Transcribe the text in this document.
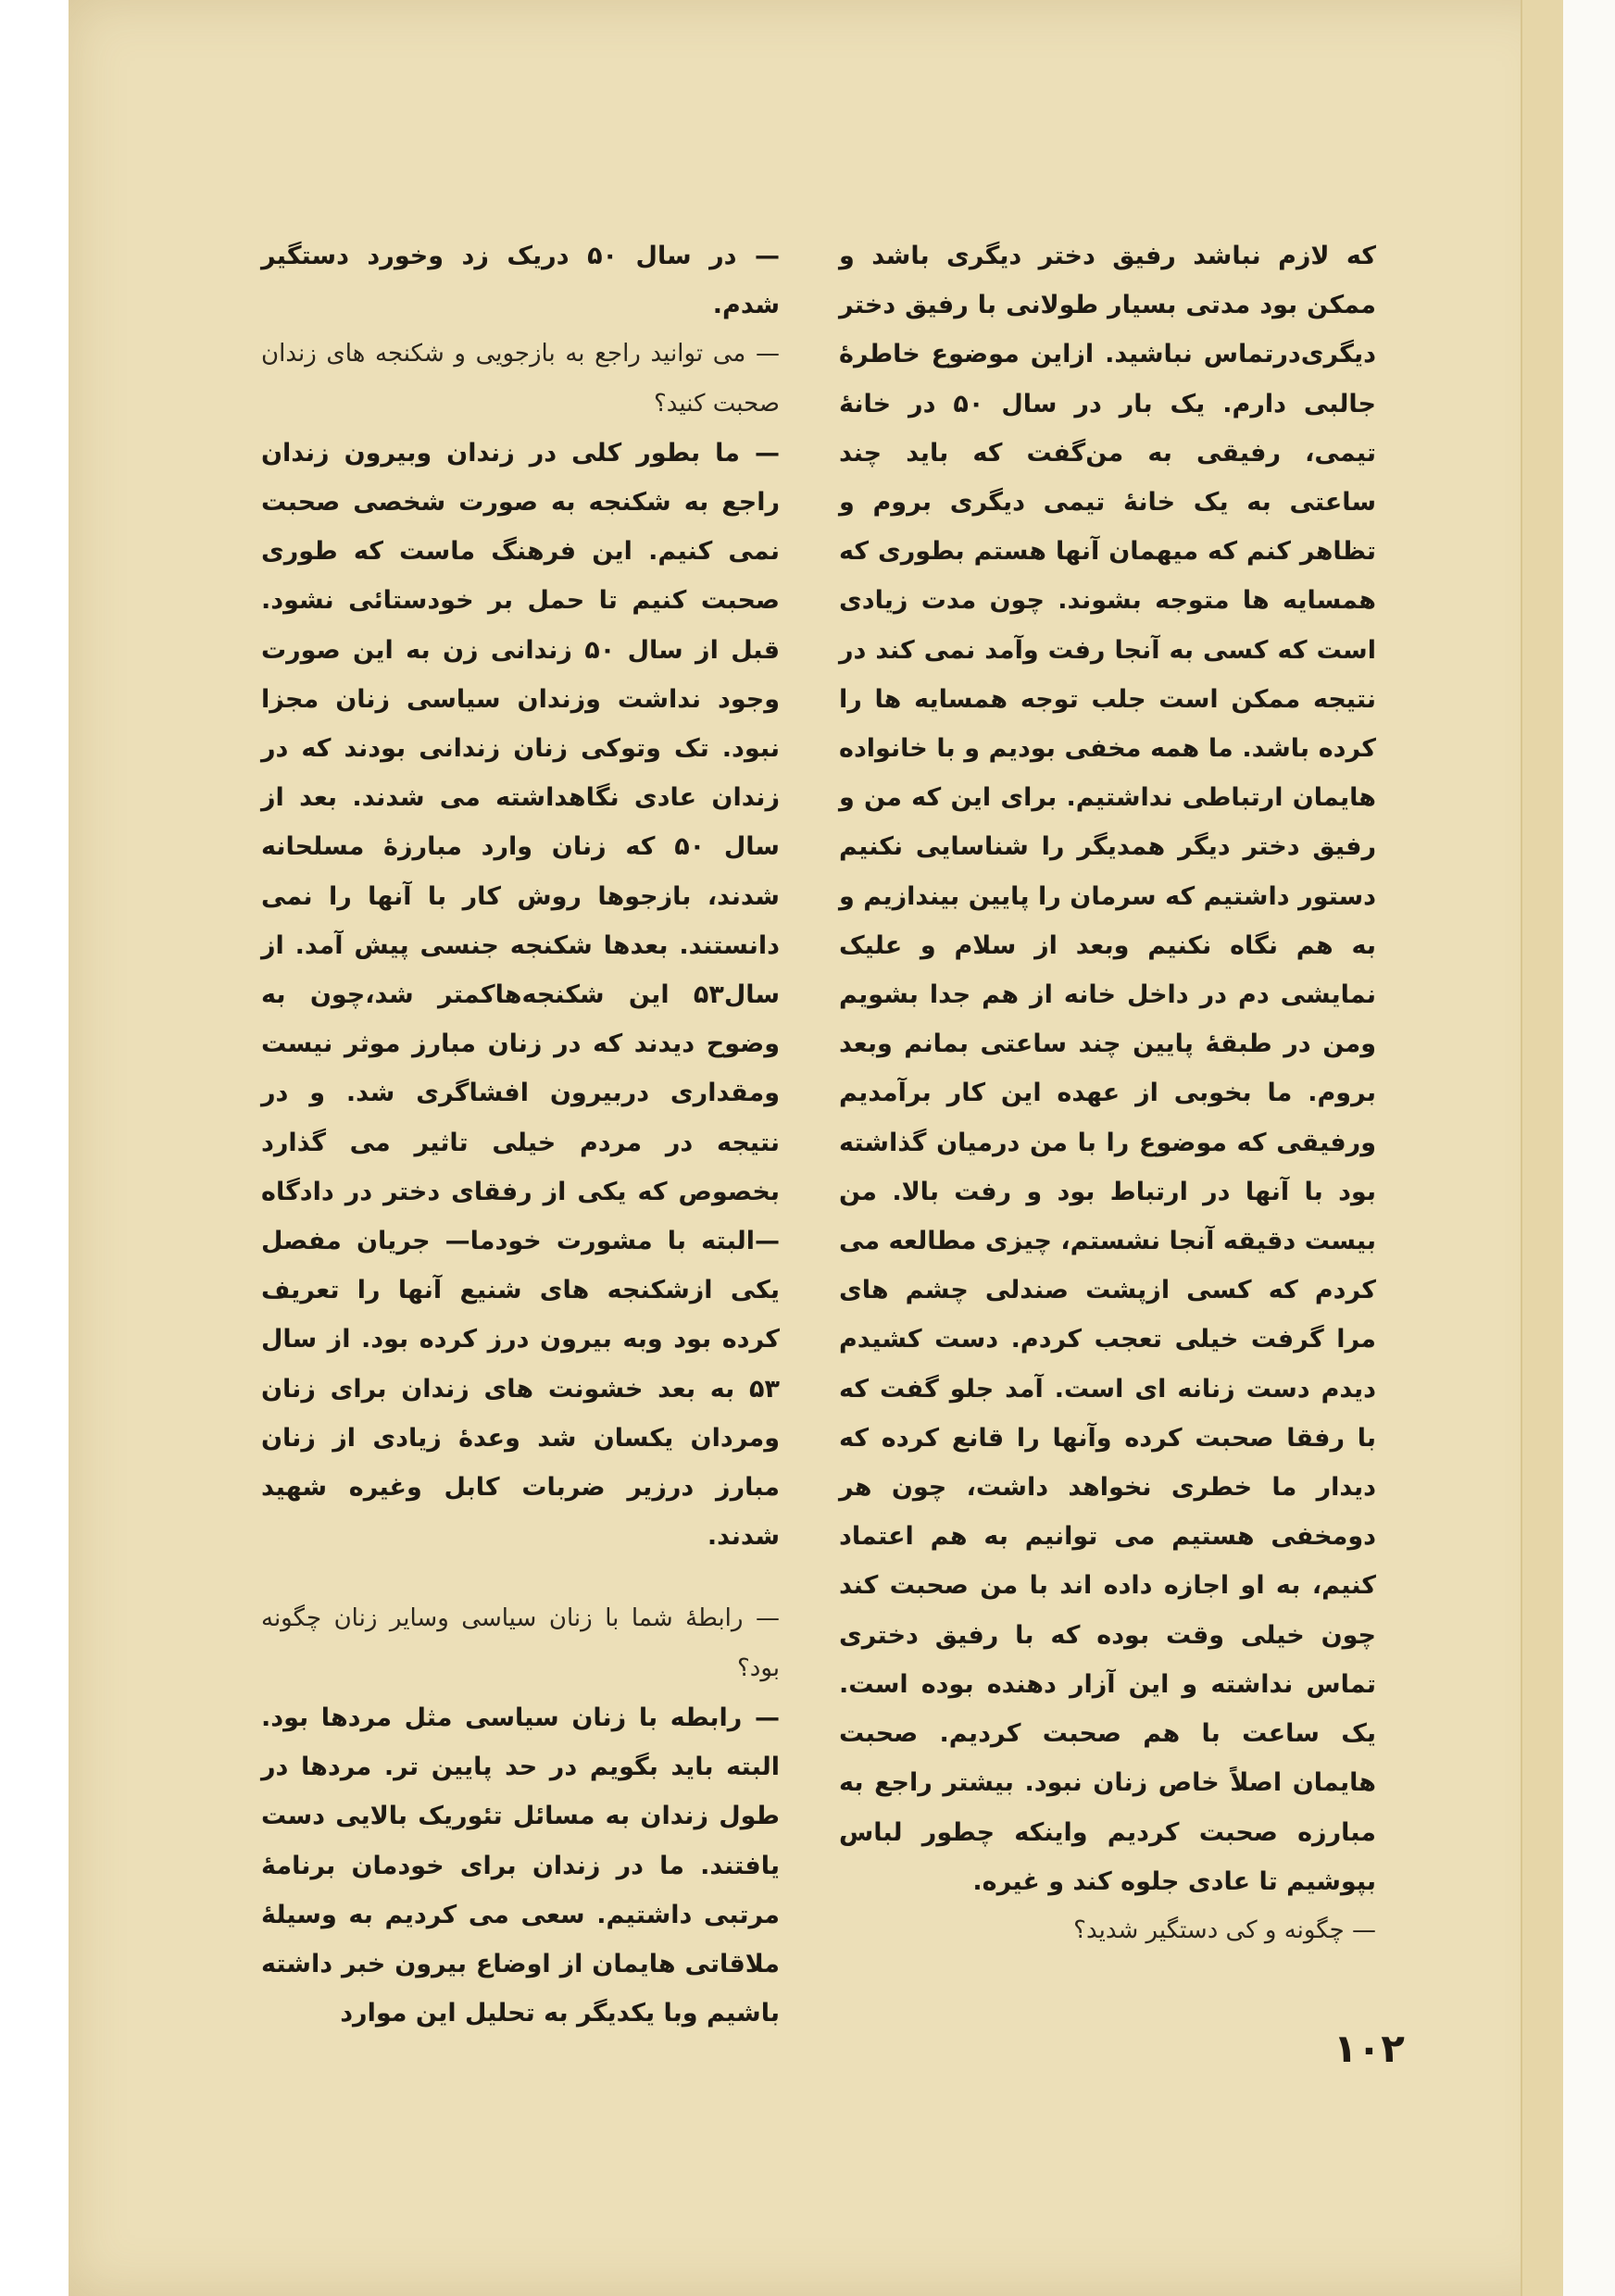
که لازم نباشد رفیق دختر دیگری باشد و ممکن بود مدتی بسیار طولانی با رفیق دختر دیگری‌درتماس نباشید. ازاین موضوع خاطرهٔ جالبی دارم. یک بار در سال ۵۰ در خانهٔ تیمی، رفیقی به من‌گفت که باید چند ساعتی به یک خانهٔ تیمی دیگری بروم و تظاهر کنم که میهمان آنها هستم بطوری که همسایه ها متوجه بشوند. چون مدت زیادی است که کسی به آنجا رفت وآمد نمی کند در نتیجه ممکن است جلب توجه همسایه ها را کرده باشد. ما همه مخفی بودیم و با خانواده هایمان ارتباطی نداشتیم. برای این که من و رفیق دختر دیگر همدیگر را شناسایی نکنیم دستور داشتیم که سرمان را پایین بیندازیم و به هم نگاه نکنیم وبعد از سلام و علیک نمایشی دم در داخل خانه از هم جدا بشویم ومن در طبقهٔ پایین چند ساعتی بمانم وبعد بروم. ما بخوبی از عهده این کار برآمدیم ورفیقی که موضوع را با من درمیان گذاشته بود با آنها در ارتباط بود و رفت بالا. من بیست دقیقه آنجا نشستم، چیزی مطالعه می کردم که کسی ازپشت صندلی چشم های مرا گرفت خیلی تعجب کردم. دست کشیدم دیدم دست زنانه ای است. آمد جلو گفت که با رفقا صحبت کرده وآنها را قانع کرده که دیدار ما خطری نخواهد داشت، چون هر دومخفی هستیم می توانیم به هم اعتماد کنیم، به او اجازه داده اند با من صحبت کند چون خیلی وقت بوده که با رفیق دختری تماس نداشته و این آزار دهنده بوده است. یک ساعت با هم صحبت کردیم. صحبت هایمان اصلاً خاص زنان نبود. بیشتر راجع به مبارزه صحبت کردیم واینکه چطور لباس بپوشیم تا عادی جلوه کند و غیره.

— چگونه و کی دستگیر شدید؟

— در سال ۵۰ دریک زد وخورد دستگیر شدم.

— می توانید راجع به بازجویی و شکنجه های زندان صحبت کنید؟

— ما بطور کلی در زندان وبیرون زندان راجع به شکنجه به صورت شخصی صحبت نمی کنیم. این فرهنگ ماست که طوری صحبت کنیم تا حمل بر خودستائی نشود. قبل از سال ۵۰ زندانی زن به این صورت وجود نداشت وزندان سیاسی زنان مجزا نبود. تک وتوکی زنان زندانی بودند که در زندان عادی نگاهداشته می شدند. بعد از سال ۵۰ که زنان وارد مبارزهٔ مسلحانه شدند، بازجوها روش کار با آنها را نمی دانستند. بعدها شکنجه جنسی پیش آمد. از سال۵۳ این شکنجه‌هاکمتر شد،چون به وضوح دیدند که در زنان مبارز موثر نیست ومقداری دربیرون افشاگری شد. و در نتیجه در مردم خیلی تاثیر می گذارد بخصوص که یکی از رفقای دختر در دادگاه —البته با مشورت خودما— جریان مفصل یکی ازشکنجه های شنیع آنها را تعریف کرده بود وبه بیرون درز کرده بود. از سال ۵۳ به بعد خشونت های زندان برای زنان ومردان یکسان شد وعدهٔ زیادی از زنان مبارز درزیر ضربات کابل وغیره شهید شدند.

— رابطهٔ شما با زنان سیاسی وسایر زنان چگونه بود؟

— رابطه با زنان سیاسی مثل مردها بود. البته باید بگویم در حد پایین تر. مردها در طول زندان به مسائل تئوریک بالایی دست یافتند. ما در زندان برای خودمان برنامهٔ مرتبی داشتیم. سعی می کردیم به وسیلهٔ ملاقاتی هایمان از اوضاع بیرون خبر داشته باشیم وبا یکدیگر به تحلیل این موارد

۱۰۲
